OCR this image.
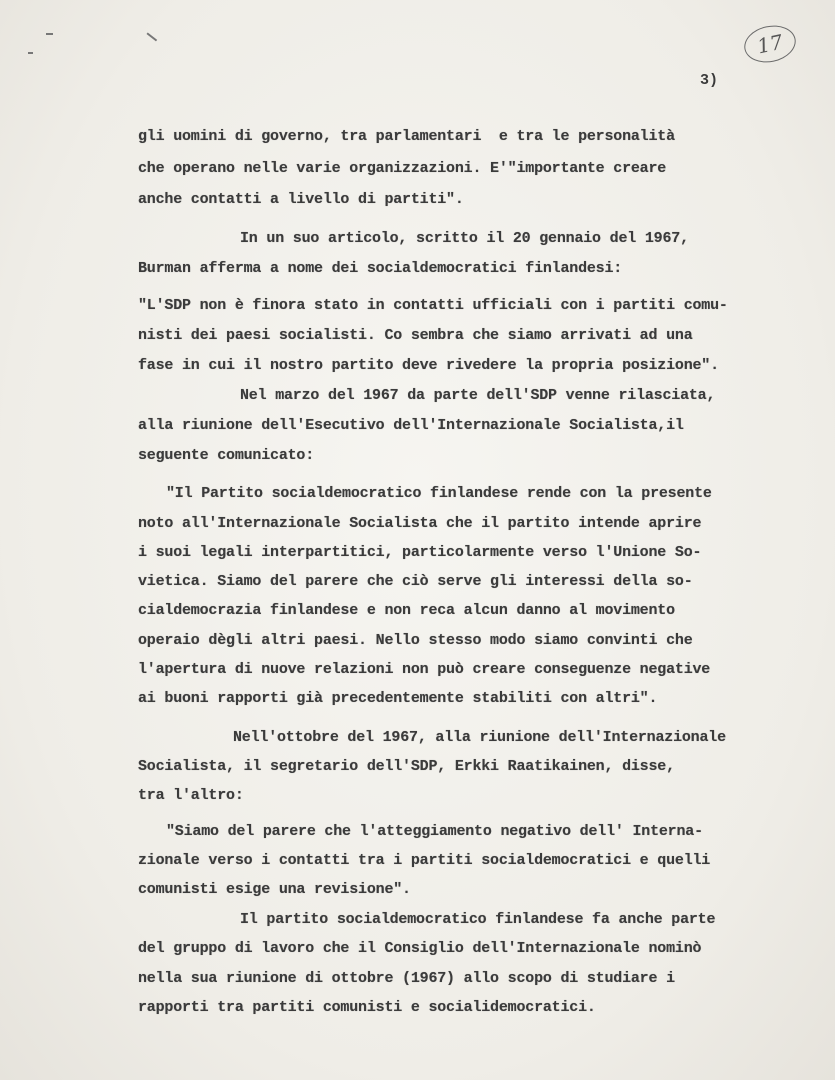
17
3)
gli uomini di governo, tra parlamentari  e tra le personalità
che operano nelle varie organizzazioni. E'"importante creare
anche contatti a livello di partiti".
In un suo articolo, scritto il 20 gennaio del 1967,
Burman afferma a nome dei socialdemocratici finlandesi:
"L'SDP non è finora stato in contatti ufficiali con i partiti comu-
nisti dei paesi socialisti. Co sembra che siamo arrivati ad una
fase in cui il nostro partito deve rivedere la propria posizione".
Nel marzo del 1967 da parte dell'SDP venne rilasciata,
alla riunione dell'Esecutivo dell'Internazionale Socialista,il
seguente comunicato:
"Il Partito socialdemocratico finlandese rende con la presente
noto all'Internazionale Socialista che il partito intende aprire
i suoi legali interpartitici, particolarmente verso l'Unione So-
vietica. Siamo del parere che ciò serve gli interessi della so-
cialdemocrazia finlandese e non reca alcun danno al movimento
operaio dègli altri paesi. Nello stesso modo siamo convinti che
l'apertura di nuove relazioni non può creare conseguenze negative
ai buoni rapporti già precedentemente stabiliti con altri".
Nell'ottobre del 1967, alla riunione dell'Internazionale
Socialista, il segretario dell'SDP, Erkki Raatikainen, disse,
tra l'altro:
"Siamo del parere che l'atteggiamento negativo dell' Interna-
zionale verso i contatti tra i partiti socialdemocratici e quelli
comunisti esige una revisione".
Il partito socialdemocratico finlandese fa anche parte
del gruppo di lavoro che il Consiglio dell'Internazionale nominò
nella sua riunione di ottobre (1967) allo scopo di studiare i
rapporti tra partiti comunisti e socialidemocratici.
